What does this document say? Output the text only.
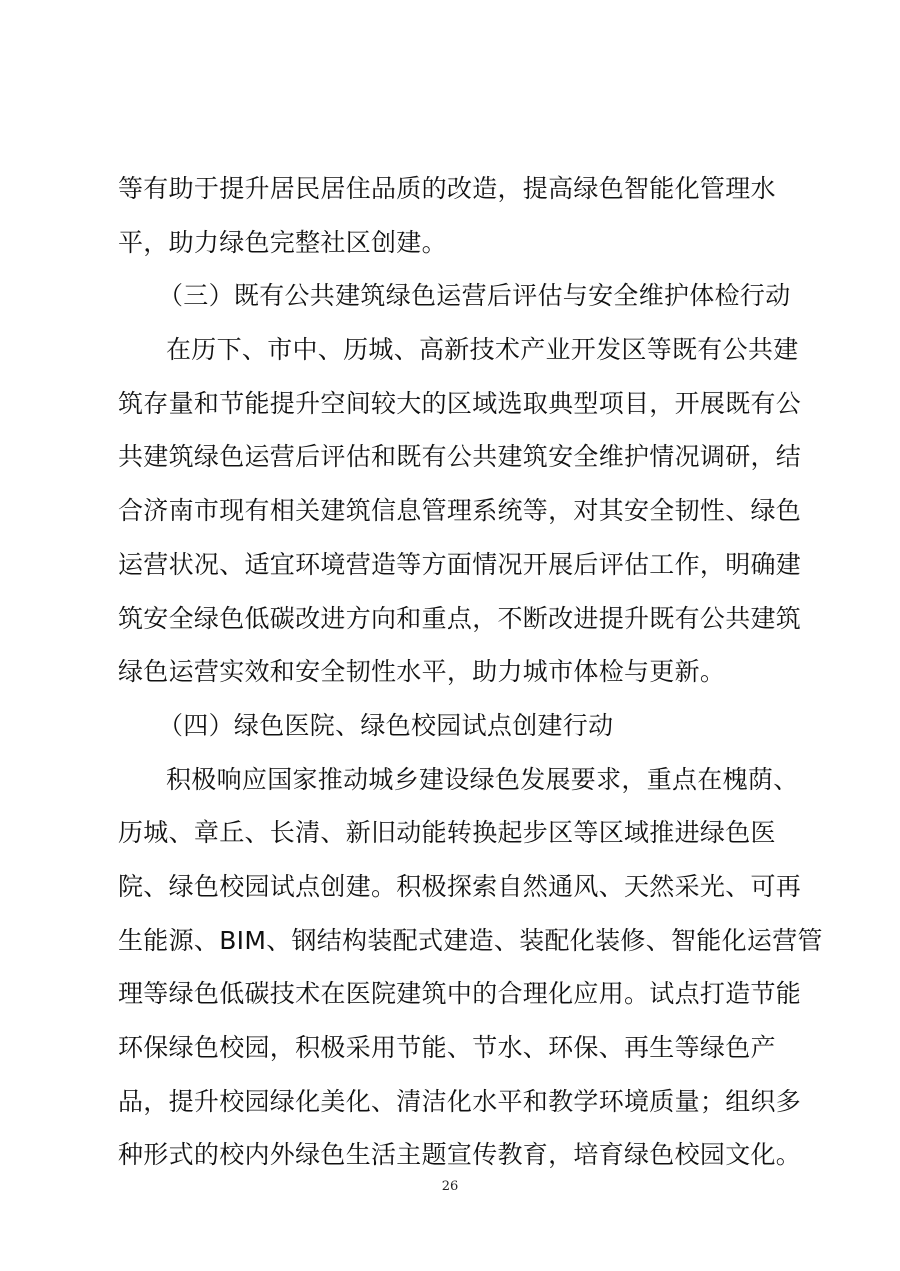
等有助于提升居民居住品质的改造，提高绿色智能化管理水
平，助力绿色完整社区创建。
（三）既有公共建筑绿色运营后评估与安全维护体检行动
在历下、市中、历城、高新技术产业开发区等既有公共建
筑存量和节能提升空间较大的区域选取典型项目，开展既有公
共建筑绿色运营后评估和既有公共建筑安全维护情况调研，结
合济南市现有相关建筑信息管理系统等，对其安全韧性、绿色
运营状况、适宜环境营造等方面情况开展后评估工作，明确建
筑安全绿色低碳改进方向和重点，不断改进提升既有公共建筑
绿色运营实效和安全韧性水平，助力城市体检与更新。
（四）绿色医院、绿色校园试点创建行动
积极响应国家推动城乡建设绿色发展要求，重点在槐荫、
历城、章丘、长清、新旧动能转换起步区等区域推进绿色医
院、绿色校园试点创建。积极探索自然通风、天然采光、可再
生能源、BIM、钢结构装配式建造、装配化装修、智能化运营管
理等绿色低碳技术在医院建筑中的合理化应用。试点打造节能
环保绿色校园，积极采用节能、节水、环保、再生等绿色产
品，提升校园绿化美化、清洁化水平和教学环境质量；组织多
种形式的校内外绿色生活主题宣传教育，培育绿色校园文化。
26
